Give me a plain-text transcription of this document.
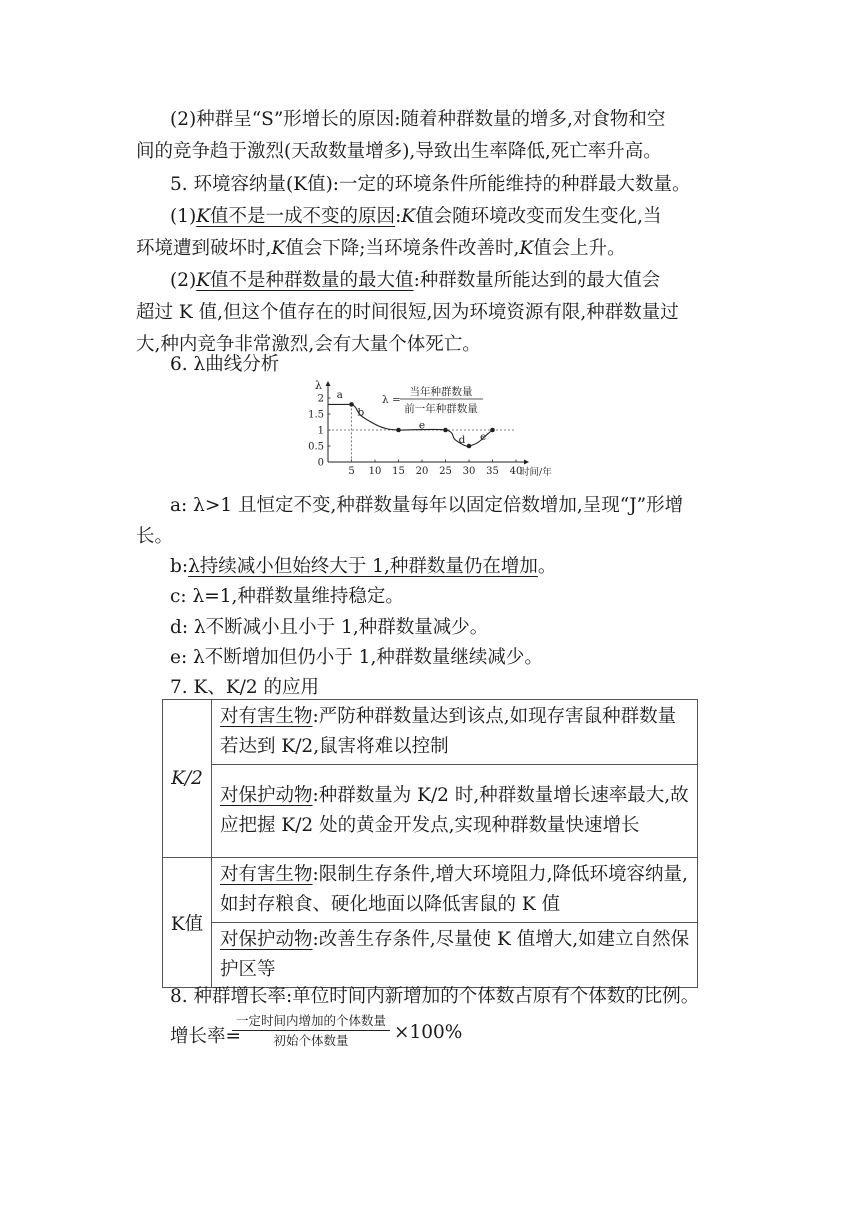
(2)种群呈“S”形增长的原因:随着种群数量的增多,对食物和空
间的竞争趋于激烈(天敌数量增多),导致出生率降低,死亡率升高。
5. 环境容纳量(K值):一定的环境条件所能维持的种群最大数量。
(1)K值不是一成不变的原因:K值会随环境改变而发生变化,当
环境遭到破坏时,K值会下降;当环境条件改善时,K值会上升。
(2)K值不是种群数量的最大值:种群数量所能达到的最大值会
超过 K 值,但这个值存在的时间很短,因为环境资源有限,种群数量过
大,种内竞争非常激烈,会有大量个体死亡。
6. λ曲线分析
λ
时间/年
5 10 15 20 25 30 35 40
2
1.5
1
0.5
0
a
b
e
d e
λ =
当年种群数量
前一年种群数量
a: λ>1 且恒定不变,种群数量每年以固定倍数增加,呈现“J”形增
长。
b:λ持续减小但始终大于 1,种群数量仍在增加。
c: λ=1,种群数量维持稳定。
d: λ不断减小且小于 1,种群数量减少。
e: λ不断增加但仍小于 1,种群数量继续减少。
7. K、K/2 的应用
K/2	对有害生物:严防种群数量达到该点,如现存害鼠种群数量若达到 K/2,鼠害将难以控制
	对保护动物:种群数量为 K/2 时,种群数量增长速率最大,故应把握 K/2 处的黄金开发点,实现种群数量快速增长
K值	对有害生物:限制生存条件,增大环境阻力,降低环境容纳量,如封存粮食、硬化地面以降低害鼠的 K 值
	对保护动物:改善生存条件,尽量使 K 值增大,如建立自然保护区等
8. 种群增长率:单位时间内新增加的个体数占原有个体数的比例。
增长率=
一定时间内增加的个体数量
初始个体数量	×100%
